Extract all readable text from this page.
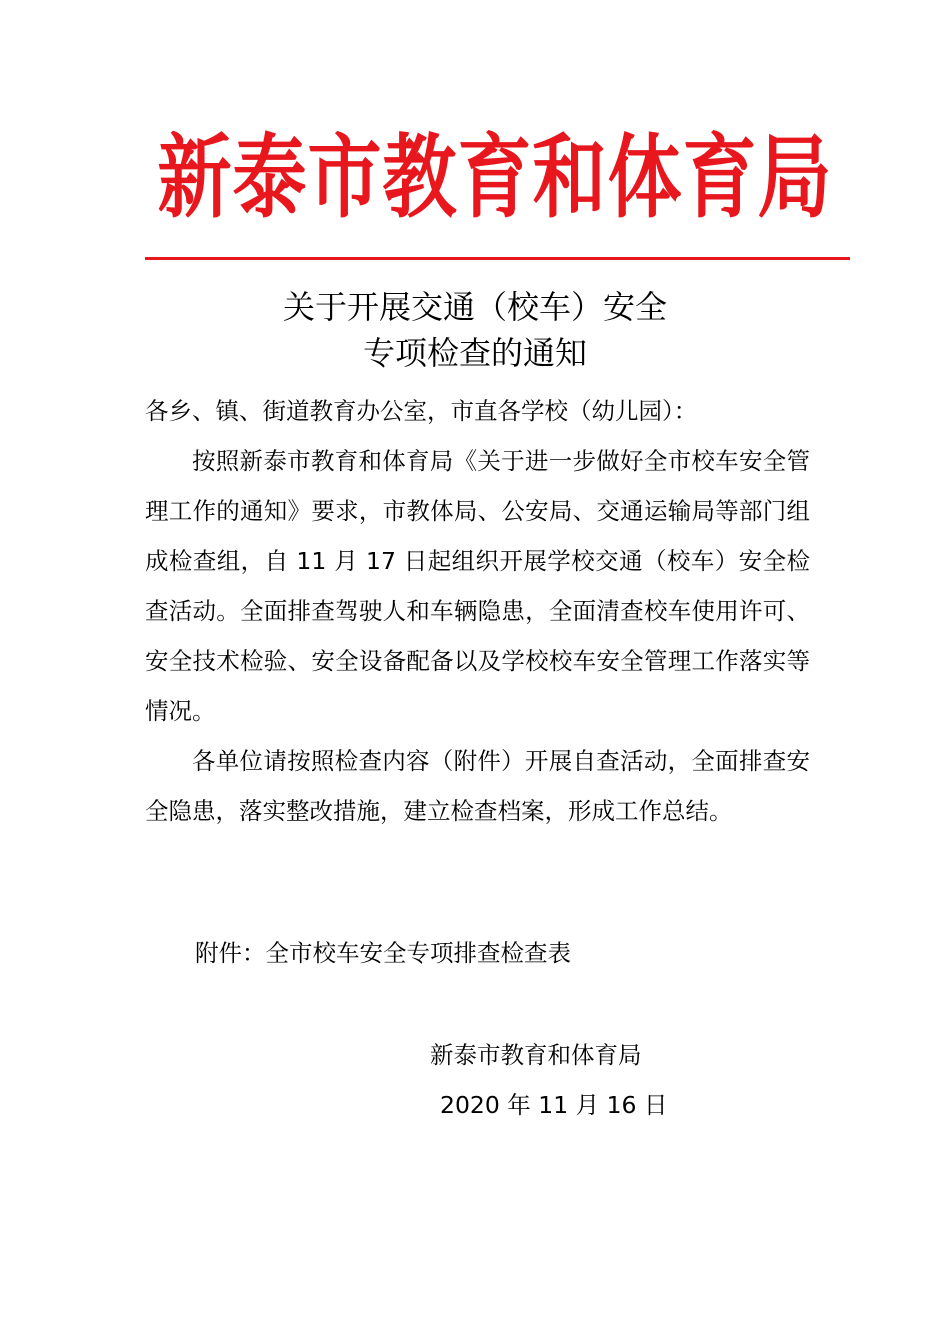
新泰市教育和体育局
关于开展交通（校车）安全
专项检查的通知

各乡、镇、街道教育办公室，市直各学校（幼儿园）：

按照新泰市教育和体育局《关于进一步做好全市校车安全管理工作的通知》要求，市教体局、公安局、交通运输局等部门组成检查组，自 11 月 17 日起组织开展学校交通（校车）安全检查活动。全面排查驾驶人和车辆隐患，全面清查校车使用许可、安全技术检验、安全设备配备以及学校校车安全管理工作落实等情况。

各单位请按照检查内容（附件）开展自查活动，全面排查安全隐患，落实整改措施，建立检查档案，形成工作总结。

附件：全市校车安全专项排查检查表

新泰市教育和体育局

2020 年 11 月 16 日
